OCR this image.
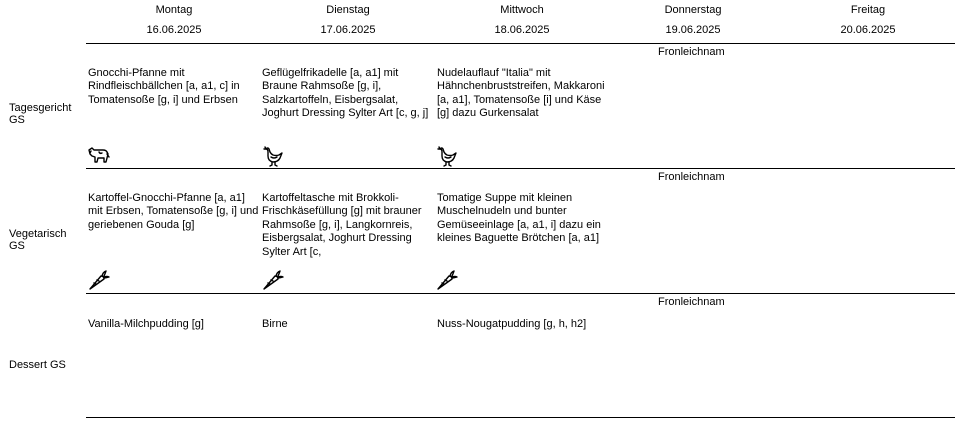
Montag
16.06.2025
Dienstag
17.06.2025
Mittwoch
18.06.2025
Donnerstag
19.06.2025
Freitag
20.06.2025
Fronleichnam
Tagesgericht
GS
Gnocchi-Pfanne mit Rindfleischbällchen [a, a1, c] in Tomatensoße [g, i] und Erbsen
Geflügelfrikadelle [a, a1] mit Braune Rahmsoße [g, i], Salzkartoffeln, Eisbergsalat, Joghurt Dressing Sylter Art [c, g, j]
Nudelauflauf "Italia" mit Hähnchenbruststreifen, Makkaroni [a, a1], Tomatensoße [i] und Käse [g] dazu Gurkensalat
Fronleichnam
Vegetarisch
GS
Kartoffel-Gnocchi-Pfanne [a, a1] mit Erbsen, Tomatensoße [g, i] und geriebenen Gouda [g]
Kartoffeltasche mit Brokkoli-Frischkäsefüllung [g] mit brauner Rahmsoße [g, i], Langkornreis, Eisbergsalat, Joghurt Dressing Sylter Art [c,
Tomatige Suppe mit kleinen Muschelnudeln und bunter Gemüseeinlage [a, a1, i] dazu ein kleines Baguette Brötchen [a, a1]
Fronleichnam
Dessert GS
Vanilla-Milchpudding [g]	Birne	Nuss-Nougatpudding [g, h, h2]
